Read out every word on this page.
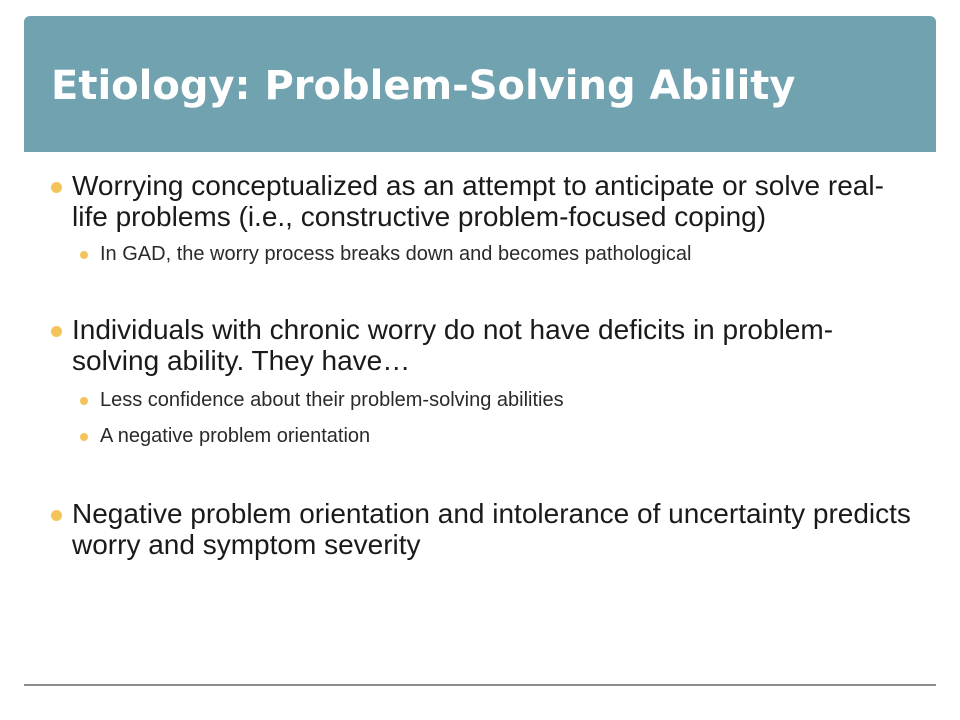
Etiology: Problem-Solving Ability
Worrying conceptualized as an attempt to anticipate or solve real-life problems (i.e., constructive problem-focused coping)
In GAD, the worry process breaks down and becomes pathological
Individuals with chronic worry do not have deficits in problem-solving ability. They have…
Less confidence about their problem-solving abilities
A negative problem orientation
Negative problem orientation and intolerance of uncertainty predicts worry and symptom severity
